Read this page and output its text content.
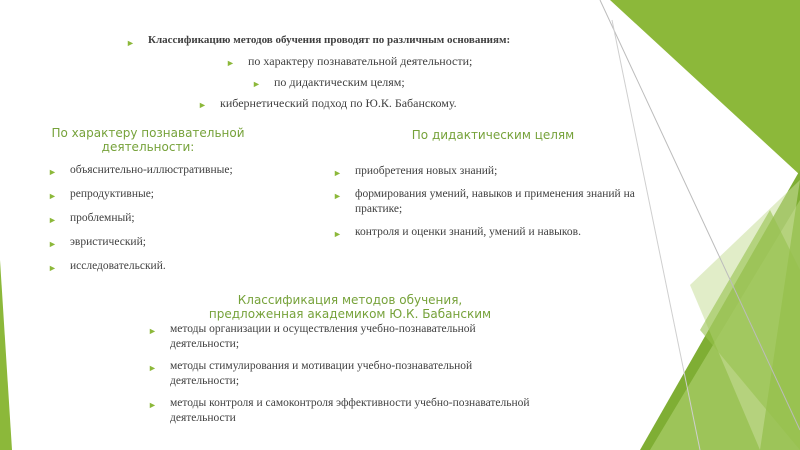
► Классификацию методов обучения проводят по различным основаниям:
► по характеру познавательной деятельности;
► по дидактическим целям;
► кибернетический подход по Ю.К. Бабанскому.
По характеру познавательной
деятельности:
► объяснительно‑иллюстративные;
► репродуктивные;
► проблемный;
► эвристический;
► исследовательский.
По дидактическим целям
► приобретения новых знаний;
► формирования умений, навыков и применения знаний на практике;
► контроля и оценки знаний, умений и навыков.
Классификация методов обучения,
предложенная академиком Ю.К. Бабанским
► методы организации и осуществления учебно‑познавательной деятельности;
► методы стимулирования и мотивации учебно‑познавательной деятельности;
► методы контроля и самоконтроля эффективности учебно‑познавательной деятельности
